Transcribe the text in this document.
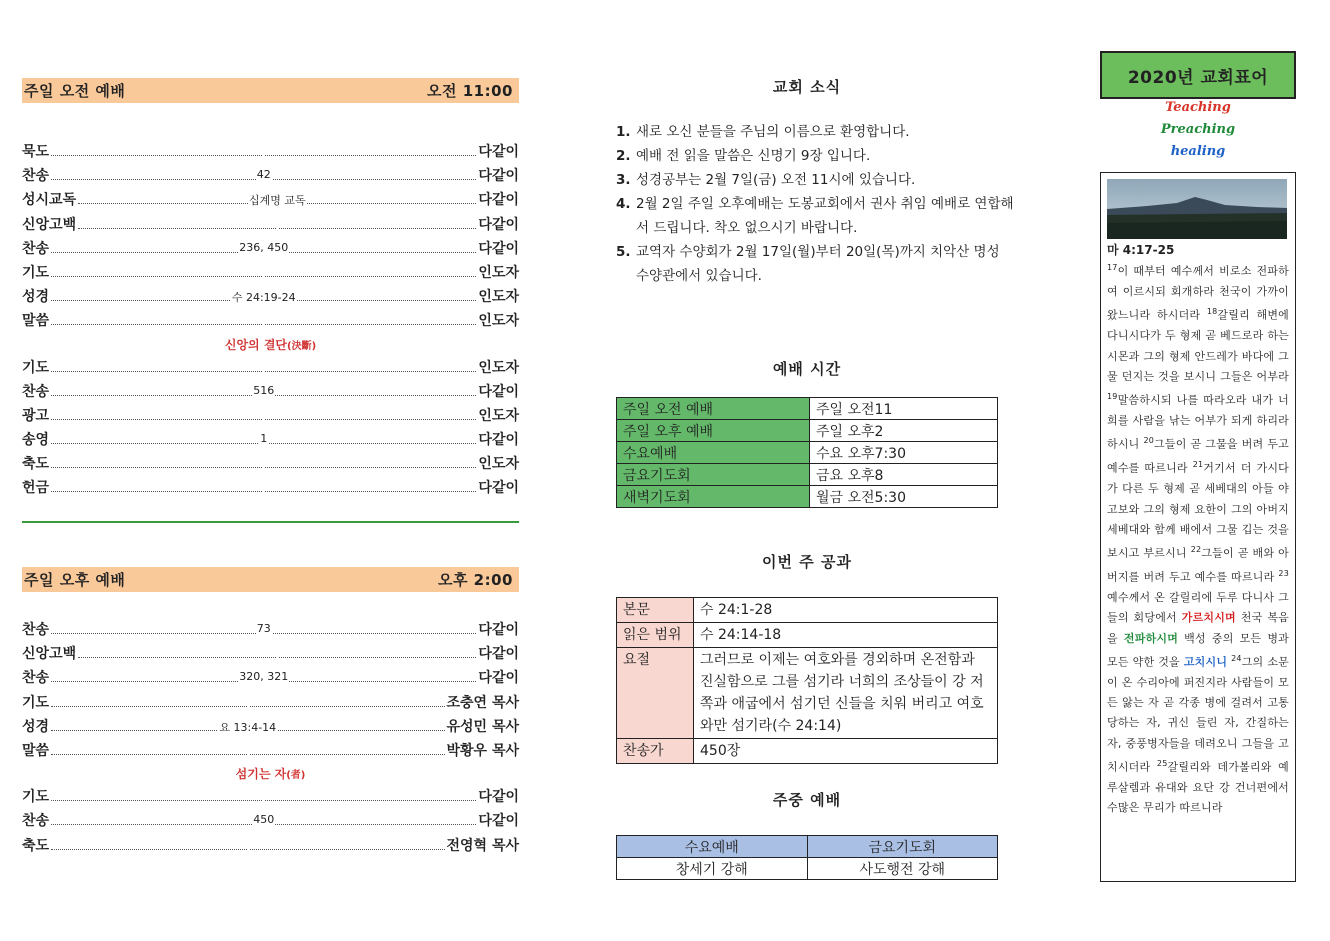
주일 오전 예배	오전 11:00
묵도	다같이
찬송	42	다같이
성시교독	십계명 교독	다같이
신앙고백	다같이
찬송	236, 450	다같이
기도	인도자
성경	수 24:19-24	인도자
말씀	인도자
신앙의 결단(決斷)
기도	인도자
찬송	516	다같이
광고	인도자
송영	1	다같이
축도	인도자
헌금	다같이
주일 오후 예배	오후 2:00
찬송	73	다같이
신앙고백	다같이
찬송	320, 321	다같이
기도	조충연 목사
성경	요 13:4-14	유성민 목사
말씀	박황우 목사
섬기는 자(者)
기도	다같이
찬송	450	다같이
축도	전영혁 목사
교회 소식
1. 새로 오신 분들을 주님의 이름으로 환영합니다.
2. 예배 전 읽을 말씀은 신명기 9장 입니다.
3. 성경공부는 2월 7일(금) 오전 11시에 있습니다.
4. 2월 2일 주일 오후예배는 도봉교회에서 권사 취임 예배로 연합해서 드립니다. 착오 없으시기 바랍니다.
5. 교역자 수양회가 2월 17일(월)부터 20일(목)까지 치악산 명성 수양관에서 있습니다.
예배 시간
주일 오전 예배	주일 오전11
주일 오후 예배	주일 오후2
수요예배	수요 오후7:30
금요기도회	금요 오후8
새벽기도회	월금 오전5:30
이번 주 공과
본문	수 24:1-28
읽은 범위	수 24:14-18
요절	그러므로 이제는 여호와를 경외하며 온전함과 진실함으로 그를 섬기라 너희의 조상들이 강 저쪽과 애굽에서 섬기던 신들을 치워 버리고 여호와만 섬기라(수 24:14)
찬송가	450장
주중 예배
수요예배	금요기도회
창세기 강해	사도행전 강해
2020년 교회표어
Teaching
Preaching
healing
마 4:17-25
$^{17}$이 때부터 예수께서 비로소 전파하여 이르시되 회개하라 천국이 가까이 왔느니라 하시더라 $^{18}$갈릴리 해변에 다니시다가 두 형제 곧 베드로라 하는 시몬과 그의 형제 안드레가 바다에 그물 던지는 것을 보시니 그들은 어부라 $^{19}$말씀하시되 나를 따라오라 내가 너희를 사람을 낚는 어부가 되게 하리라 하시니 $^{20}$그들이 곧 그물을 버려 두고 예수를 따르니라 $^{21}$거기서 더 가시다가 다른 두 형제 곧 세베대의 아들 야고보와 그의 형제 요한이 그의 아버지 세베대와 함께 배에서 그물 깁는 것을 보시고 부르시니 $^{22}$그들이 곧 배와 아버지를 버려 두고 예수를 따르니라 $^{23}$예수께서 온 갈릴리에 두루 다니사 그들의 회당에서 가르치시며 천국 복음을 전파하시며 백성 중의 모든 병과 모든 약한 것을 고치시니 $^{24}$그의 소문이 온 수리아에 퍼진지라 사람들이 모든 앓는 자 곧 각종 병에 걸려서 고통 당하는 자, 귀신 들린 자, 간질하는 자, 중풍병자들을 데려오니 그들을 고치시더라 $^{25}$갈릴리와 데가볼리와 예루살렘과 유대와 요단 강 건너편에서 수많은 무리가 따르니라
